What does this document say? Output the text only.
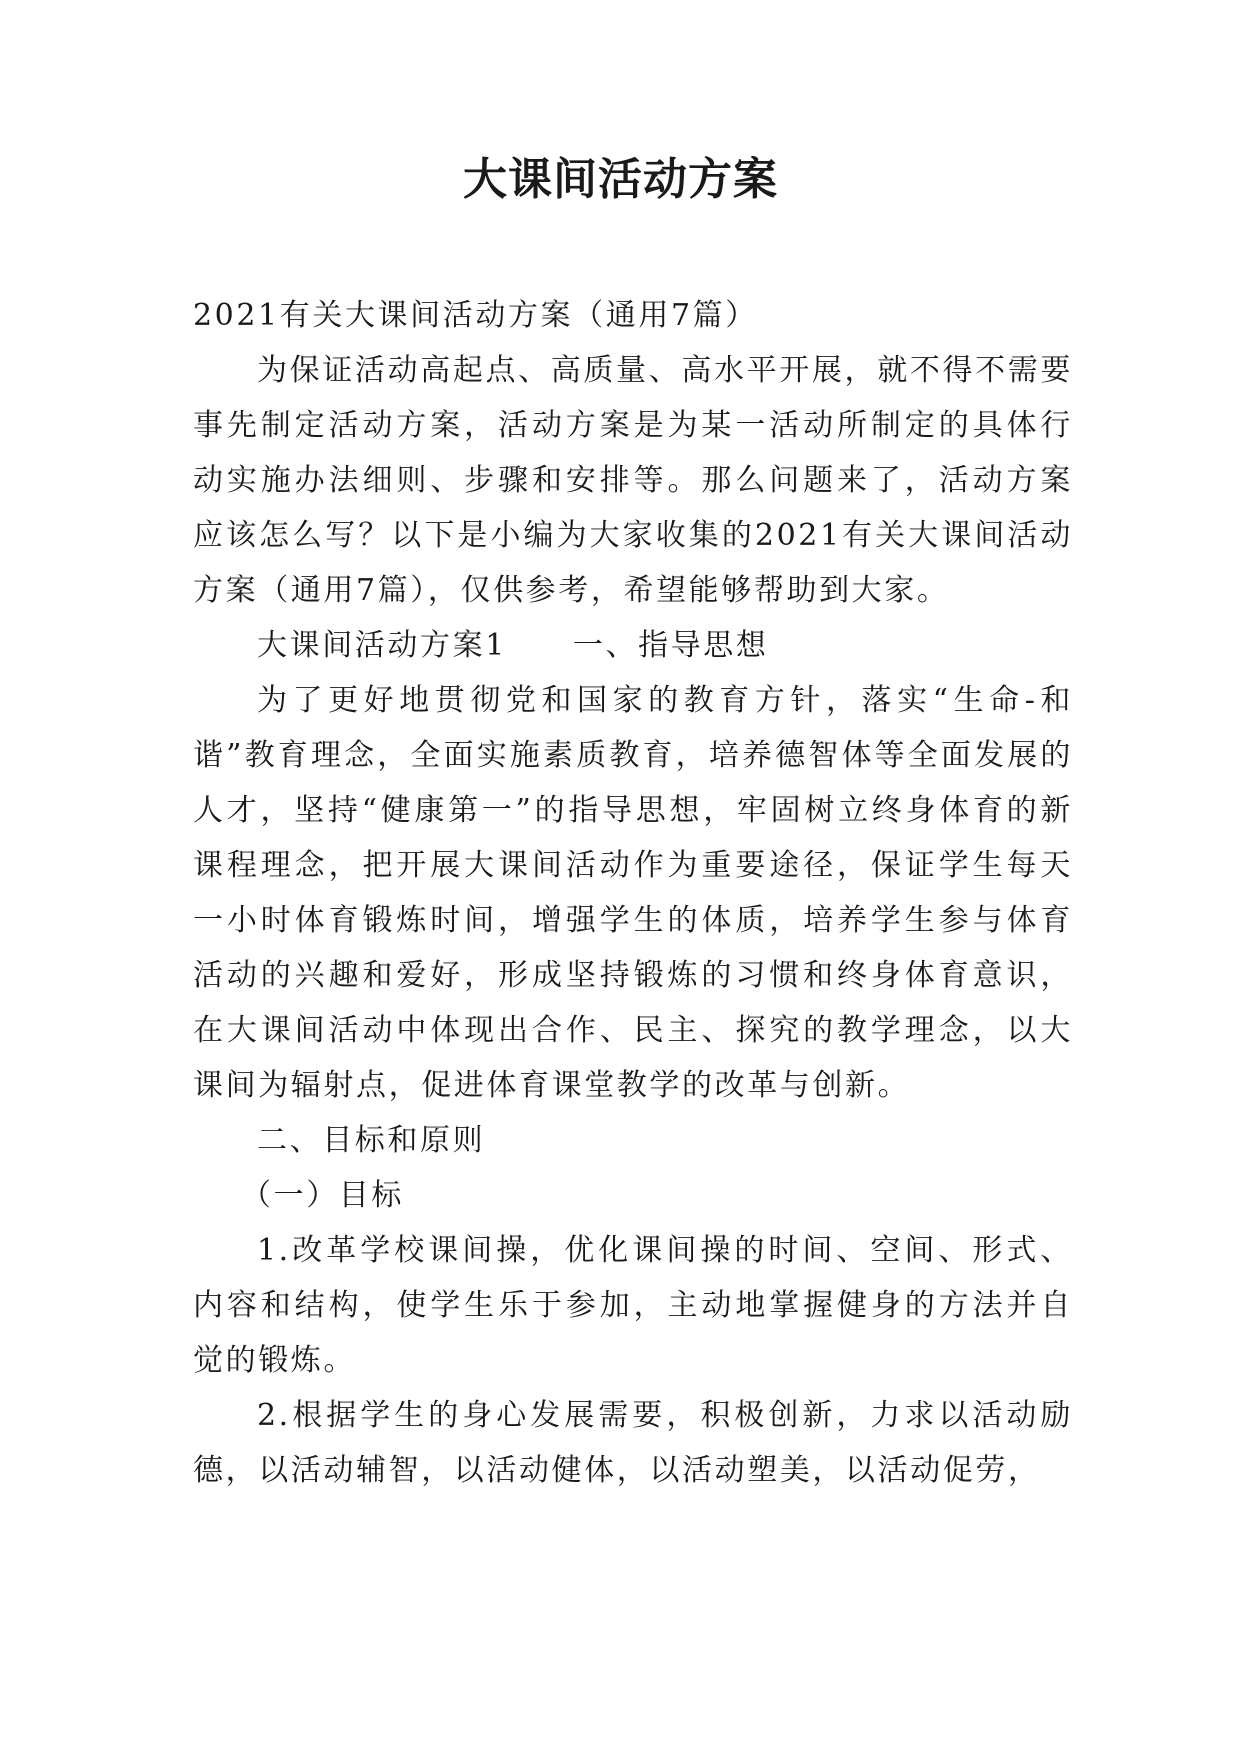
大课间活动方案

2021有关大课间活动方案（通用7篇）

为保证活动高起点、高质量、高水平开展，就不得不需要事先制定活动方案，活动方案是为某一活动所制定的具体行动实施办法细则、步骤和安排等。那么问题来了，活动方案应该怎么写？以下是小编为大家收集的2021有关大课间活动方案（通用7篇），仅供参考，希望能够帮助到大家。

大课间活动方案1 一、指导思想

为了更好地贯彻党和国家的教育方针，落实“生命-和谐”教育理念，全面实施素质教育，培养德智体等全面发展的人才，坚持“健康第一”的指导思想，牢固树立终身体育的新课程理念，把开展大课间活动作为重要途径，保证学生每天一小时体育锻炼时间，增强学生的体质，培养学生参与体育活动的兴趣和爱好，形成坚持锻炼的习惯和终身体育意识，在大课间活动中体现出合作、民主、探究的教学理念，以大课间为辐射点，促进体育课堂教学的改革与创新。

二、目标和原则

（一）目标

1.改革学校课间操，优化课间操的时间、空间、形式、内容和结构，使学生乐于参加，主动地掌握健身的方法并自觉的锻炼。

2.根据学生的身心发展需要，积极创新，力求以活动励德，以活动辅智，以活动健体，以活动塑美，以活动促劳，
